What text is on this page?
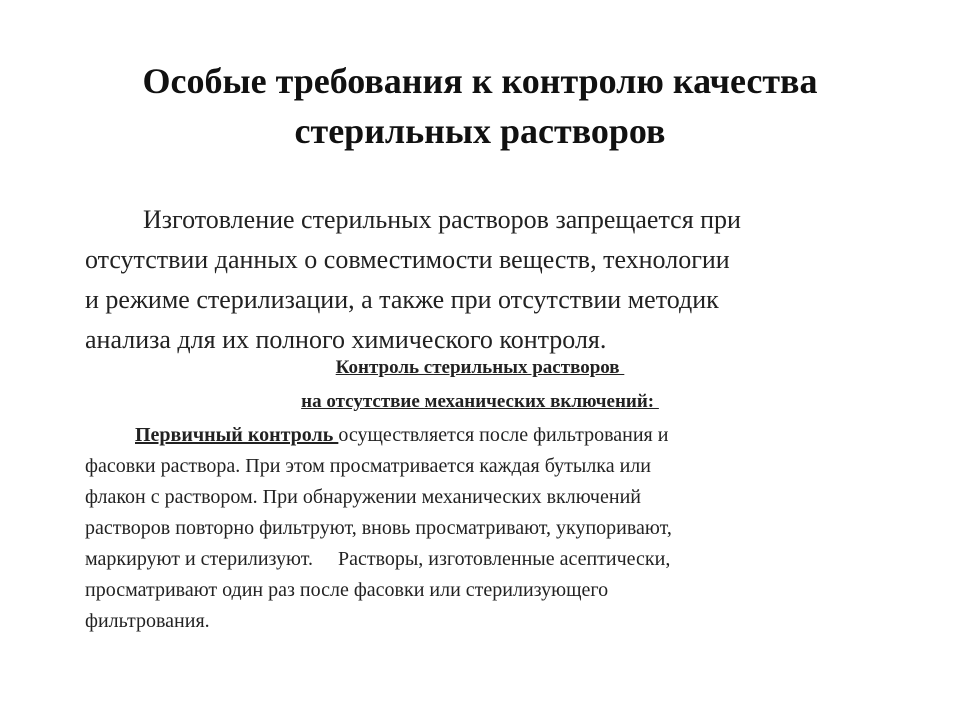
Особые требования к контролю качества
стерильных растворов
Изготовление стерильных растворов запрещается при
отсутствии данных о совместимости веществ, технологии
и режиме стерилизации, а также при отсутствии методик
анализа для их полного химического контроля.
Контроль стерильных растворов
на отсутствие механических включений:
Первичный контроль осуществляется после фильтрования и
фасовки раствора. При этом просматривается каждая бутылка или
флакон с раствором. При обнаружении механических включений
растворов повторно фильтруют, вновь просматривают, укупоривают,
маркируют и стерилизуют.     Растворы, изготовленные асептически,
просматривают один раз после фасовки или стерилизующего
фильтрования.
